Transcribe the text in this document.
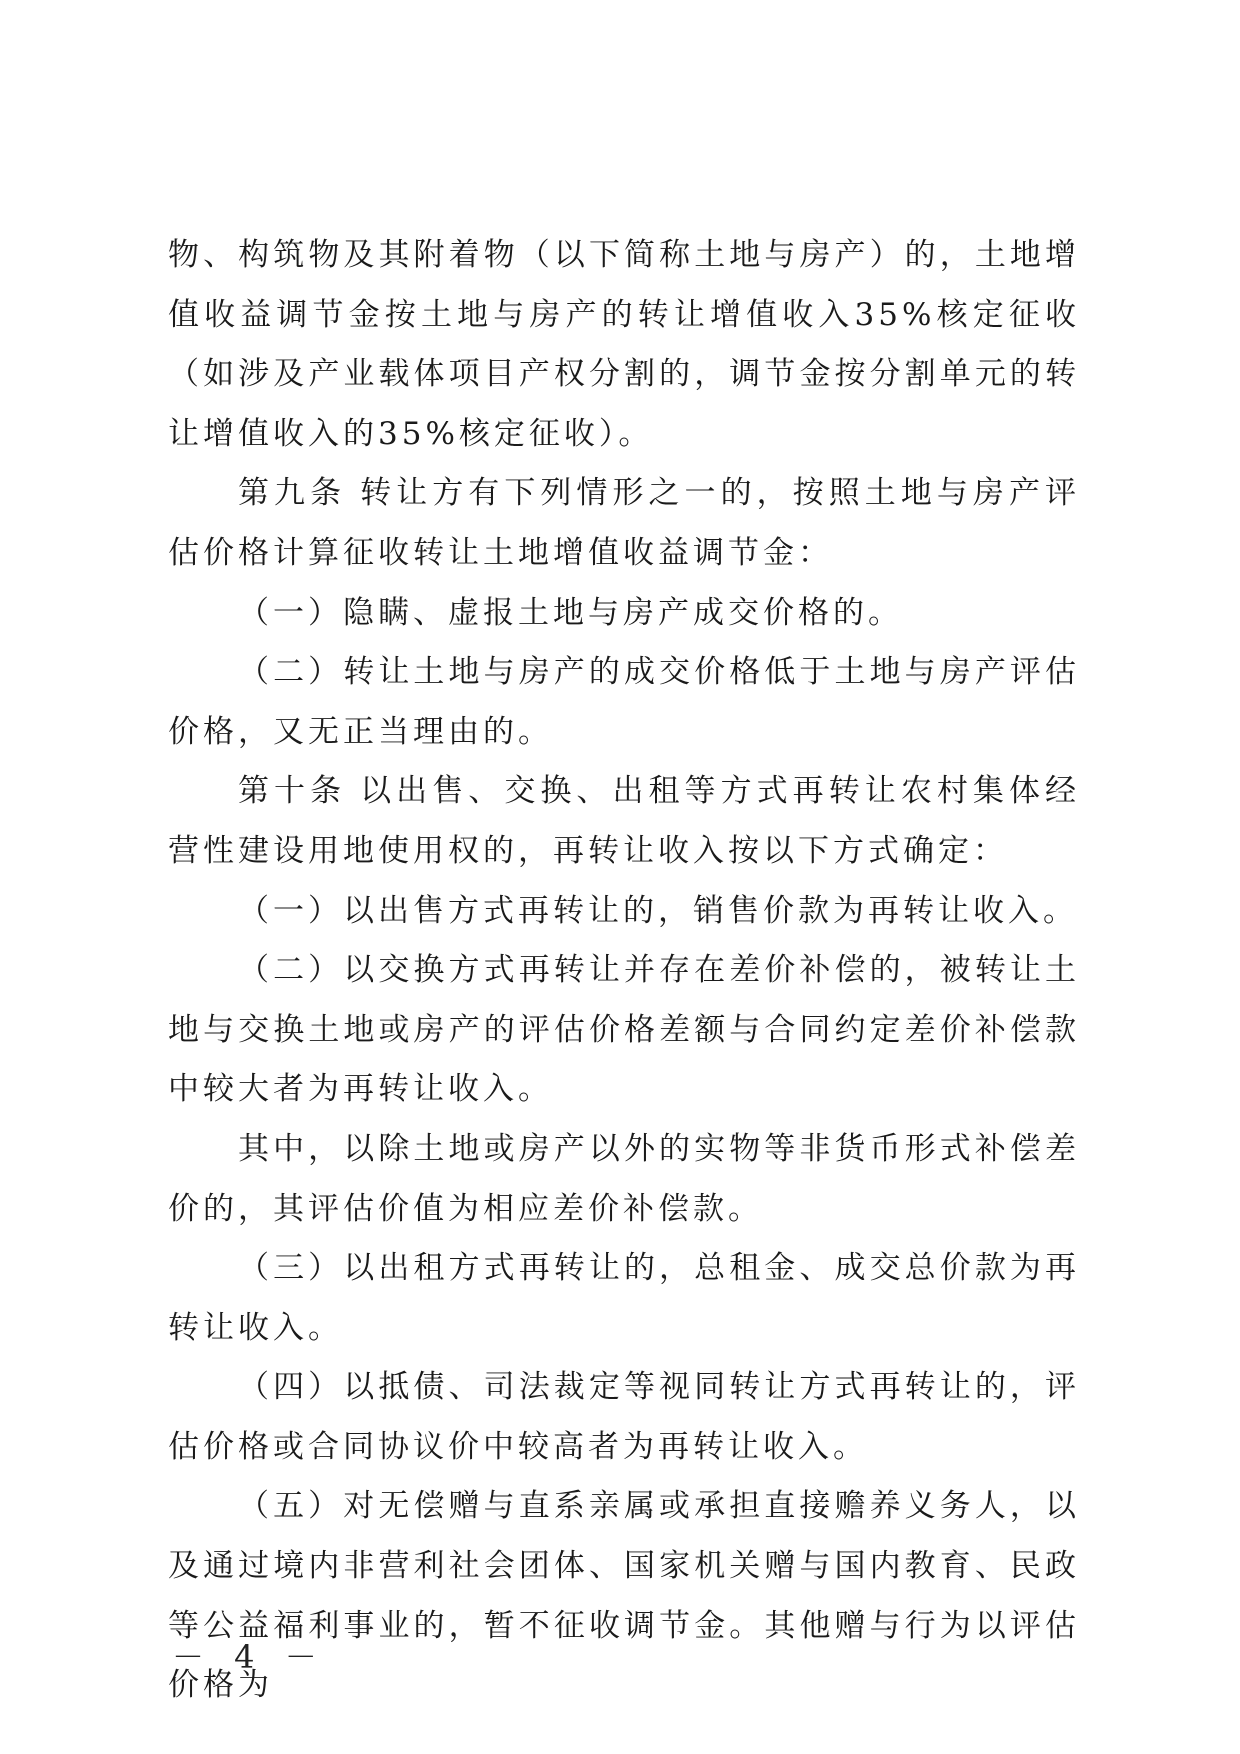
物、构筑物及其附着物（以下简称土地与房产）的，土地增值收益调节金按土地与房产的转让增值收入35%核定征收（如涉及产业载体项目产权分割的，调节金按分割单元的转让增值收入的35%核定征收）。

第九条 转让方有下列情形之一的，按照土地与房产评估价格计算征收转让土地增值收益调节金：

（一）隐瞒、虚报土地与房产成交价格的。

（二）转让土地与房产的成交价格低于土地与房产评估价格，又无正当理由的。

第十条 以出售、交换、出租等方式再转让农村集体经营性建设用地使用权的，再转让收入按以下方式确定：

（一）以出售方式再转让的，销售价款为再转让收入。

（二）以交换方式再转让并存在差价补偿的，被转让土地与交换土地或房产的评估价格差额与合同约定差价补偿款中较大者为再转让收入。

其中，以除土地或房产以外的实物等非货币形式补偿差价的，其评估价值为相应差价补偿款。

（三）以出租方式再转让的，总租金、成交总价款为再转让收入。

（四）以抵债、司法裁定等视同转让方式再转让的，评估价格或合同协议价中较高者为再转让收入。

（五）对无偿赠与直系亲属或承担直接赡养义务人，以及通过境内非营利社会团体、国家机关赠与国内教育、民政等公益福利事业的，暂不征收调节金。其他赠与行为以评估价格为

－ 4 －
